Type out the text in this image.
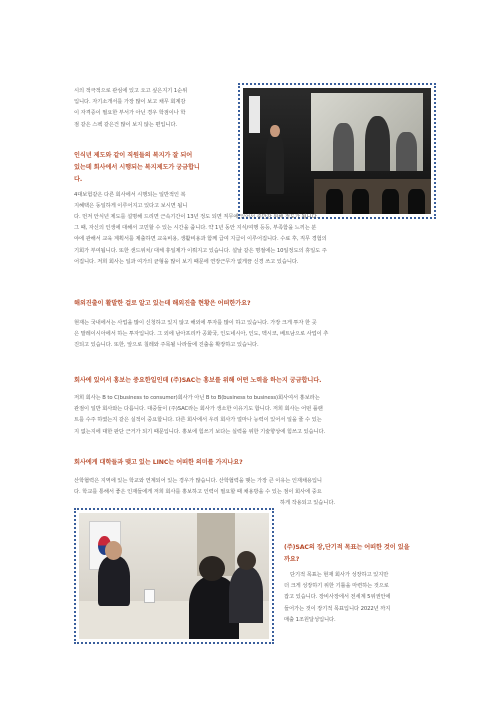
시의 적극적으로 관심에 있고 오고 싶은지기 1순위
입니다. 자기소개서를 가장 많이 보고 채무 회계감
이 자격증이 필요한 부서가 아닌 경우 학점이나 학
점 같은 스펙 같은건 많이 보지 않는 편입니다.
인식년 제도와 같이 직원들의 복지가 잘 되어
있는데 회사에서 시행되는 복지제도가 궁금합니
다.
4대보험같은 다른 회사에서 시행되는 일반적인 복
지혜택은 동일하게 이루어지고 있다고 보시면 됩니
다. 먼저 안식년 제도를 설명해 드리면 근속기간이 13년 정도 되면 직무에 있어서 충만감 위해 정도가 됩니다.
그 때, 자신의 인생에 대해서 고민할 수 있는 시간을 줍니다. 약 1년 동안 지식/여행 등등, 부족함을 느끼는 분
야에 관해서 교육 계획서를 제출하면 교육비용, 생활비용과 함께 급여 지급이 이루어집니다. 수료 후, 직무 경험의
기회가 부여됩니다. 또한 샌드위치/ 대체 휴일제가 이뤄지고 있습니다. 설날 같은 명절에는 10일정도의 휴일도 주
어집니다. 저희 회사는 일과 여가의 균형을 많이 보기 때문에 연장근무가 없게끔 신경 쓰고 있습니다.
해외진출이 활발한 걸로 알고 있는데 해외진출 현황은 어떠한가요?
현재는 국내에서는 사업을 많이 신청하고 있지 않고 해외에 투자를 많이 하고 있습니다. 가장 크게 투자 한 곳
은 말레이시아에서 하는 투자입니다. 그 외에 남아프리카 공화국, 인도네시아, 인도, 멕시코, 베트남으로 사업이 추
진되고 있습니다. 또한, 앞으로 칠레와 주목될 나라들에 진출을 확장하고 있습니다.
회사에 있어서 홍보는 중요한일인데 (주)SAC는 홍보를 위해 어떤 노력을 하는지 궁금합니다.
저희 회사는 B to C(business to consumer)회사가 아닌 B to B(business to business)회사여서 홍보라는
관점이 일반 회사와는 다릅니다. 대중들이 (주)SAC라는 회사가 생소한 이유기도 합니다. 저희 회사는 어떤 플랜
트를 수주 하였는지 같은 실적이 중요합니다. 다른 회사에서 우리 회사가 얼마나 능력이 있어서 일을 줄 수 있는
지 없는지에 대한 판단 근거가 되기 때문입니다. 홍보에 힘쓰기 보다는 실력을 위한 기술향상에 힘쓰고 있습니다.
회사에게 대학들과 맺고 있는 LINC는 어떠한 의미를 가지나요?
산학협력은 지역에 있는 학교와 연계되어 있는 경우가 많습니다. 산학협력을 맺는 가장 큰 이유는 인재채용입니
다. 학교를 통해서 좋은 인재들에게 저희 회사를 홍보하고 인력이 필요할 때 채용방을 수 있는 점이 회사에 중요
하게 작용되고 있습니다.
(주)SAC의 장,단기적 목표는 어떠한 것이 있을
까요?
단기적 목표는 현재 회사가 성장하고 있지만
더 크게 성장하기 위한 기틀을 마련하는 것으로
잡고 있습니다. 장비사장에서 전세계 5위권안에
들어가는 것이 장기적 목표입니다 2022년 까지
매출 1조원달성입니다.
